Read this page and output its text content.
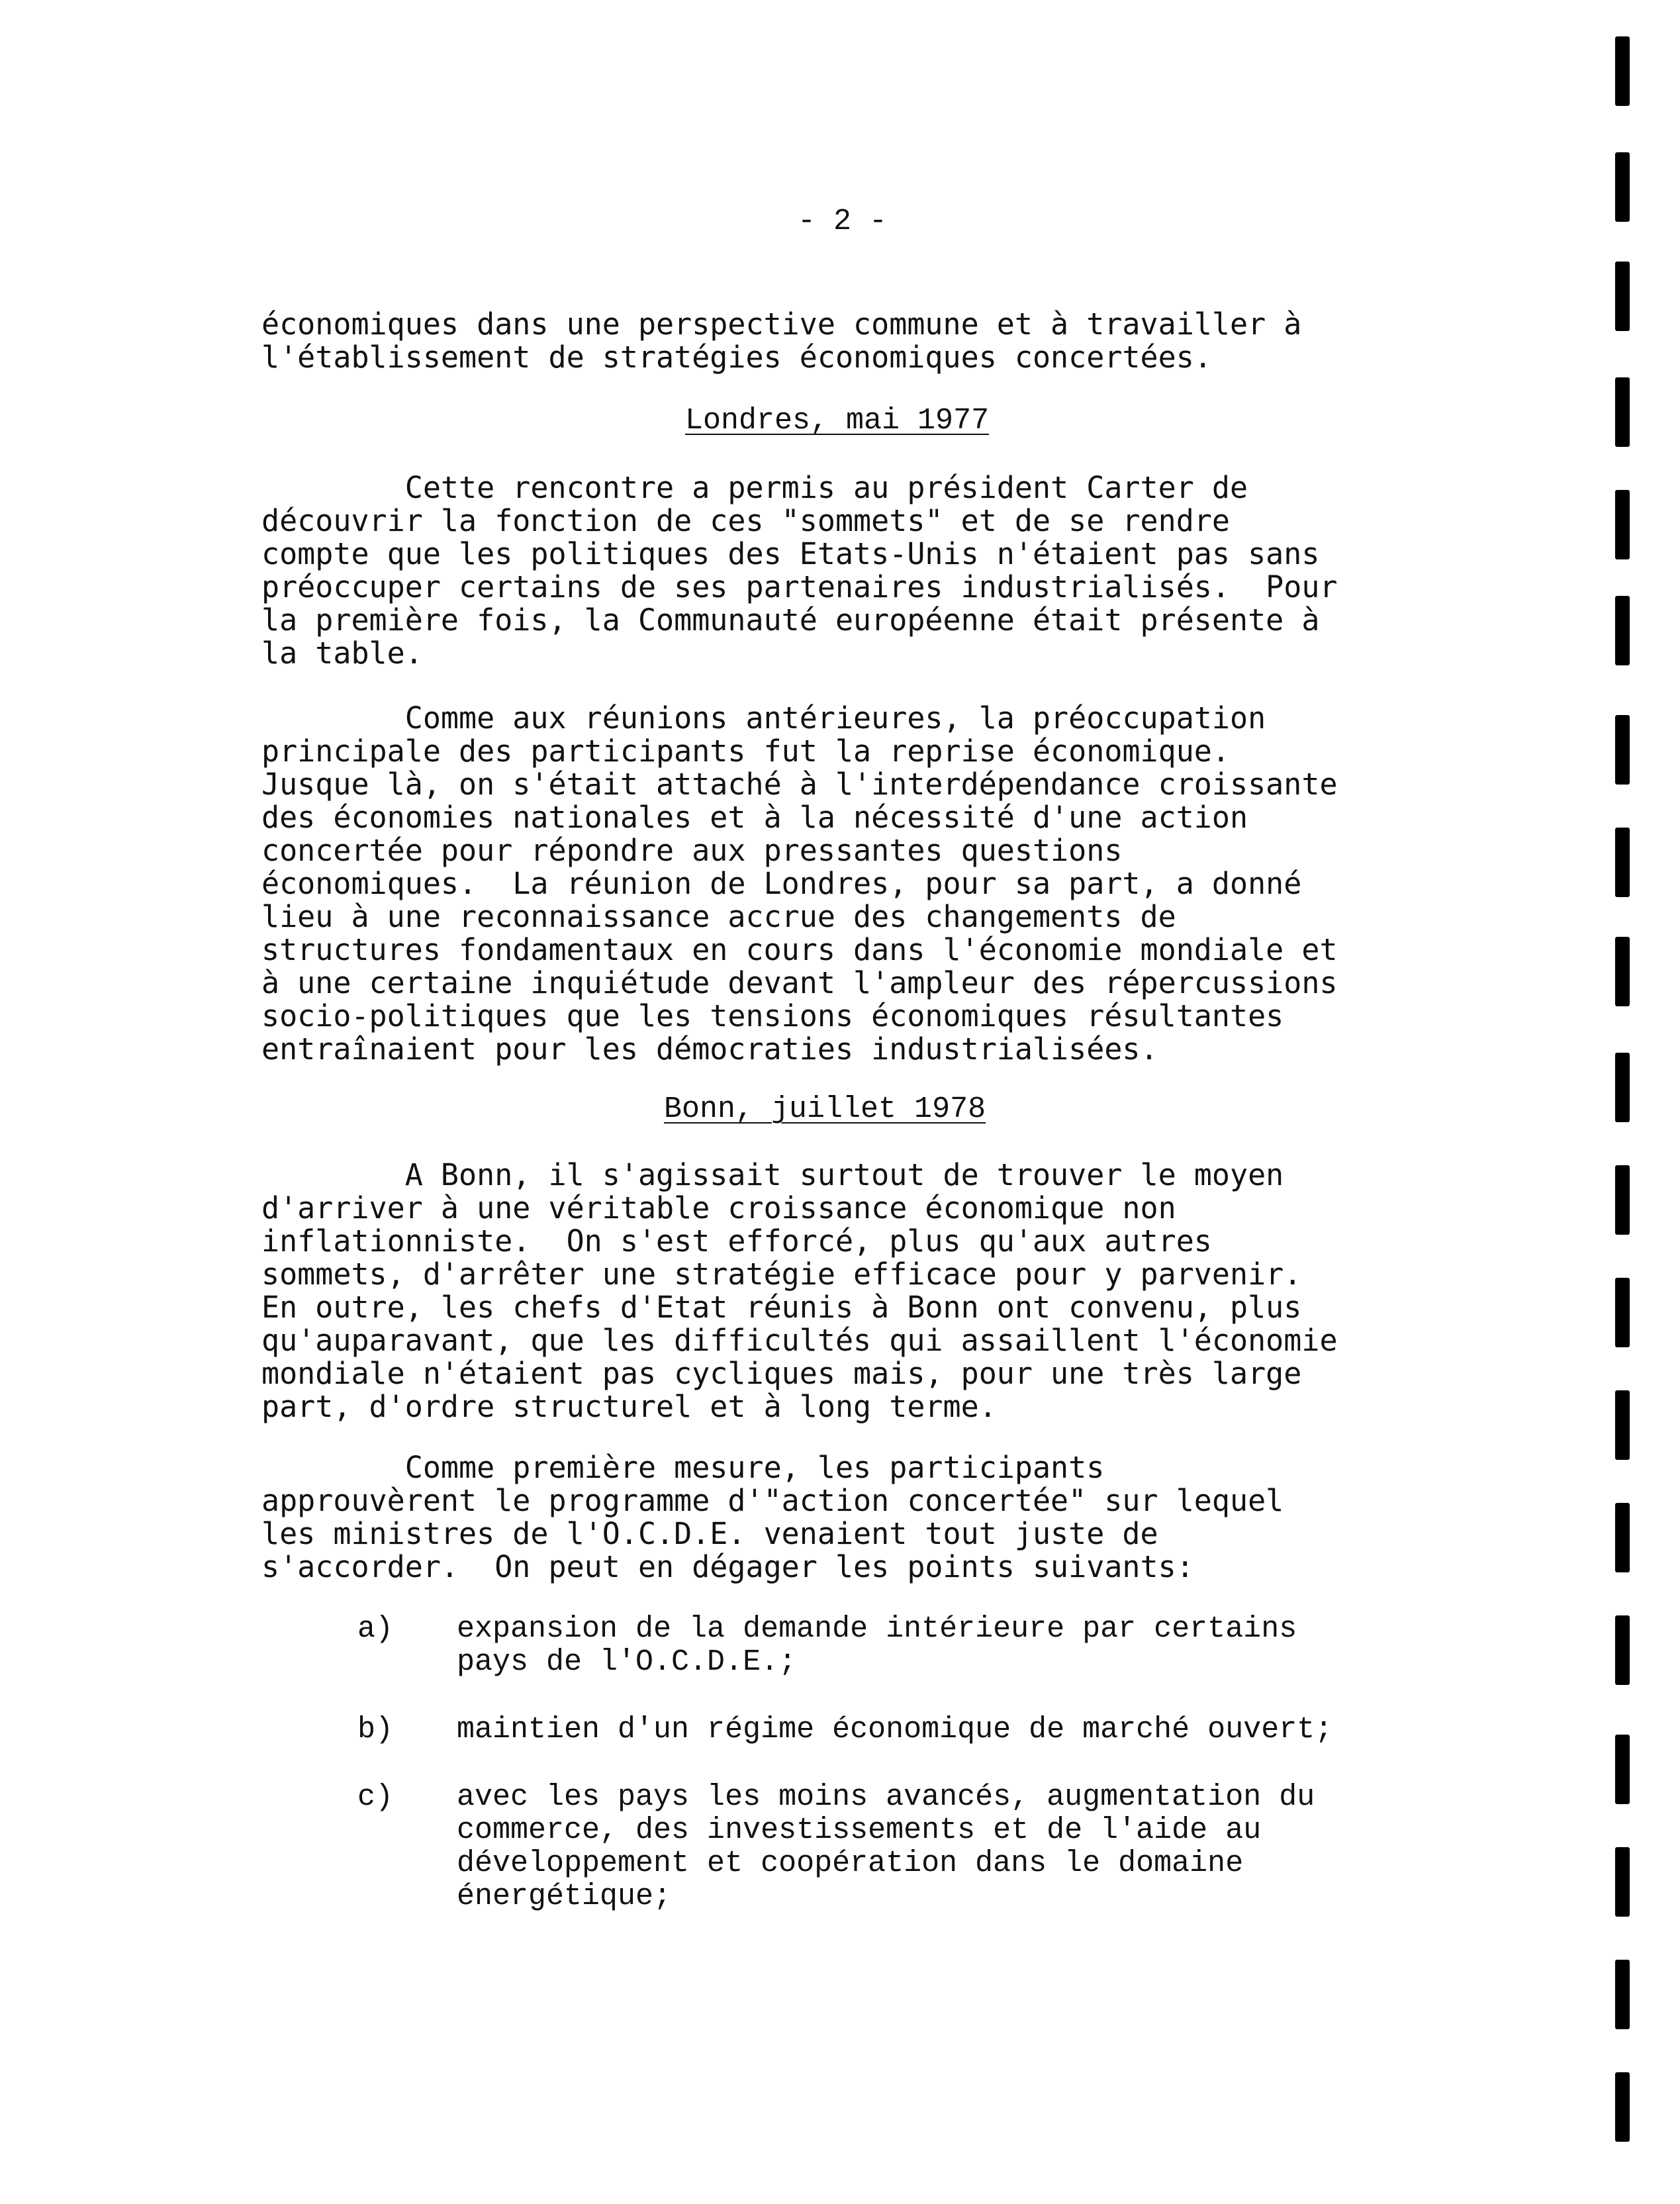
- 2 -
économiques dans une perspective commune et à travailler à
l'établissement de stratégies économiques concertées.
Londres, mai 1977
Cette rencontre a permis au président Carter de
découvrir la fonction de ces "sommets" et de se rendre
compte que les politiques des Etats-Unis n'étaient pas sans
préoccuper certains de ses partenaires industrialisés.  Pour
la première fois, la Communauté européenne était présente à
la table.
Comme aux réunions antérieures, la préoccupation
principale des participants fut la reprise économique.
Jusque là, on s'était attaché à l'interdépendance croissante
des économies nationales et à la nécessité d'une action
concertée pour répondre aux pressantes questions
économiques.  La réunion de Londres, pour sa part, a donné
lieu à une reconnaissance accrue des changements de
structures fondamentaux en cours dans l'économie mondiale et
à une certaine inquiétude devant l'ampleur des répercussions
socio-politiques que les tensions économiques résultantes
entraînaient pour les démocraties industrialisées.
Bonn, juillet 1978
A Bonn, il s'agissait surtout de trouver le moyen
d'arriver à une véritable croissance économique non
inflationniste.  On s'est efforcé, plus qu'aux autres
sommets, d'arrêter une stratégie efficace pour y parvenir.
En outre, les chefs d'Etat réunis à Bonn ont convenu, plus
qu'auparavant, que les difficultés qui assaillent l'économie
mondiale n'étaient pas cycliques mais, pour une très large
part, d'ordre structurel et à long terme.
Comme première mesure, les participants
approuvèrent le programme d'"action concertée" sur lequel
les ministres de l'O.C.D.E. venaient tout juste de
s'accorder.  On peut en dégager les points suivants:
a) expansion de la demande intérieure par certains
pays de l'O.C.D.E.;
b) maintien d'un régime économique de marché ouvert;
c) avec les pays les moins avancés, augmentation du
commerce, des investissements et de l'aide au
développement et coopération dans le domaine
énergétique;
